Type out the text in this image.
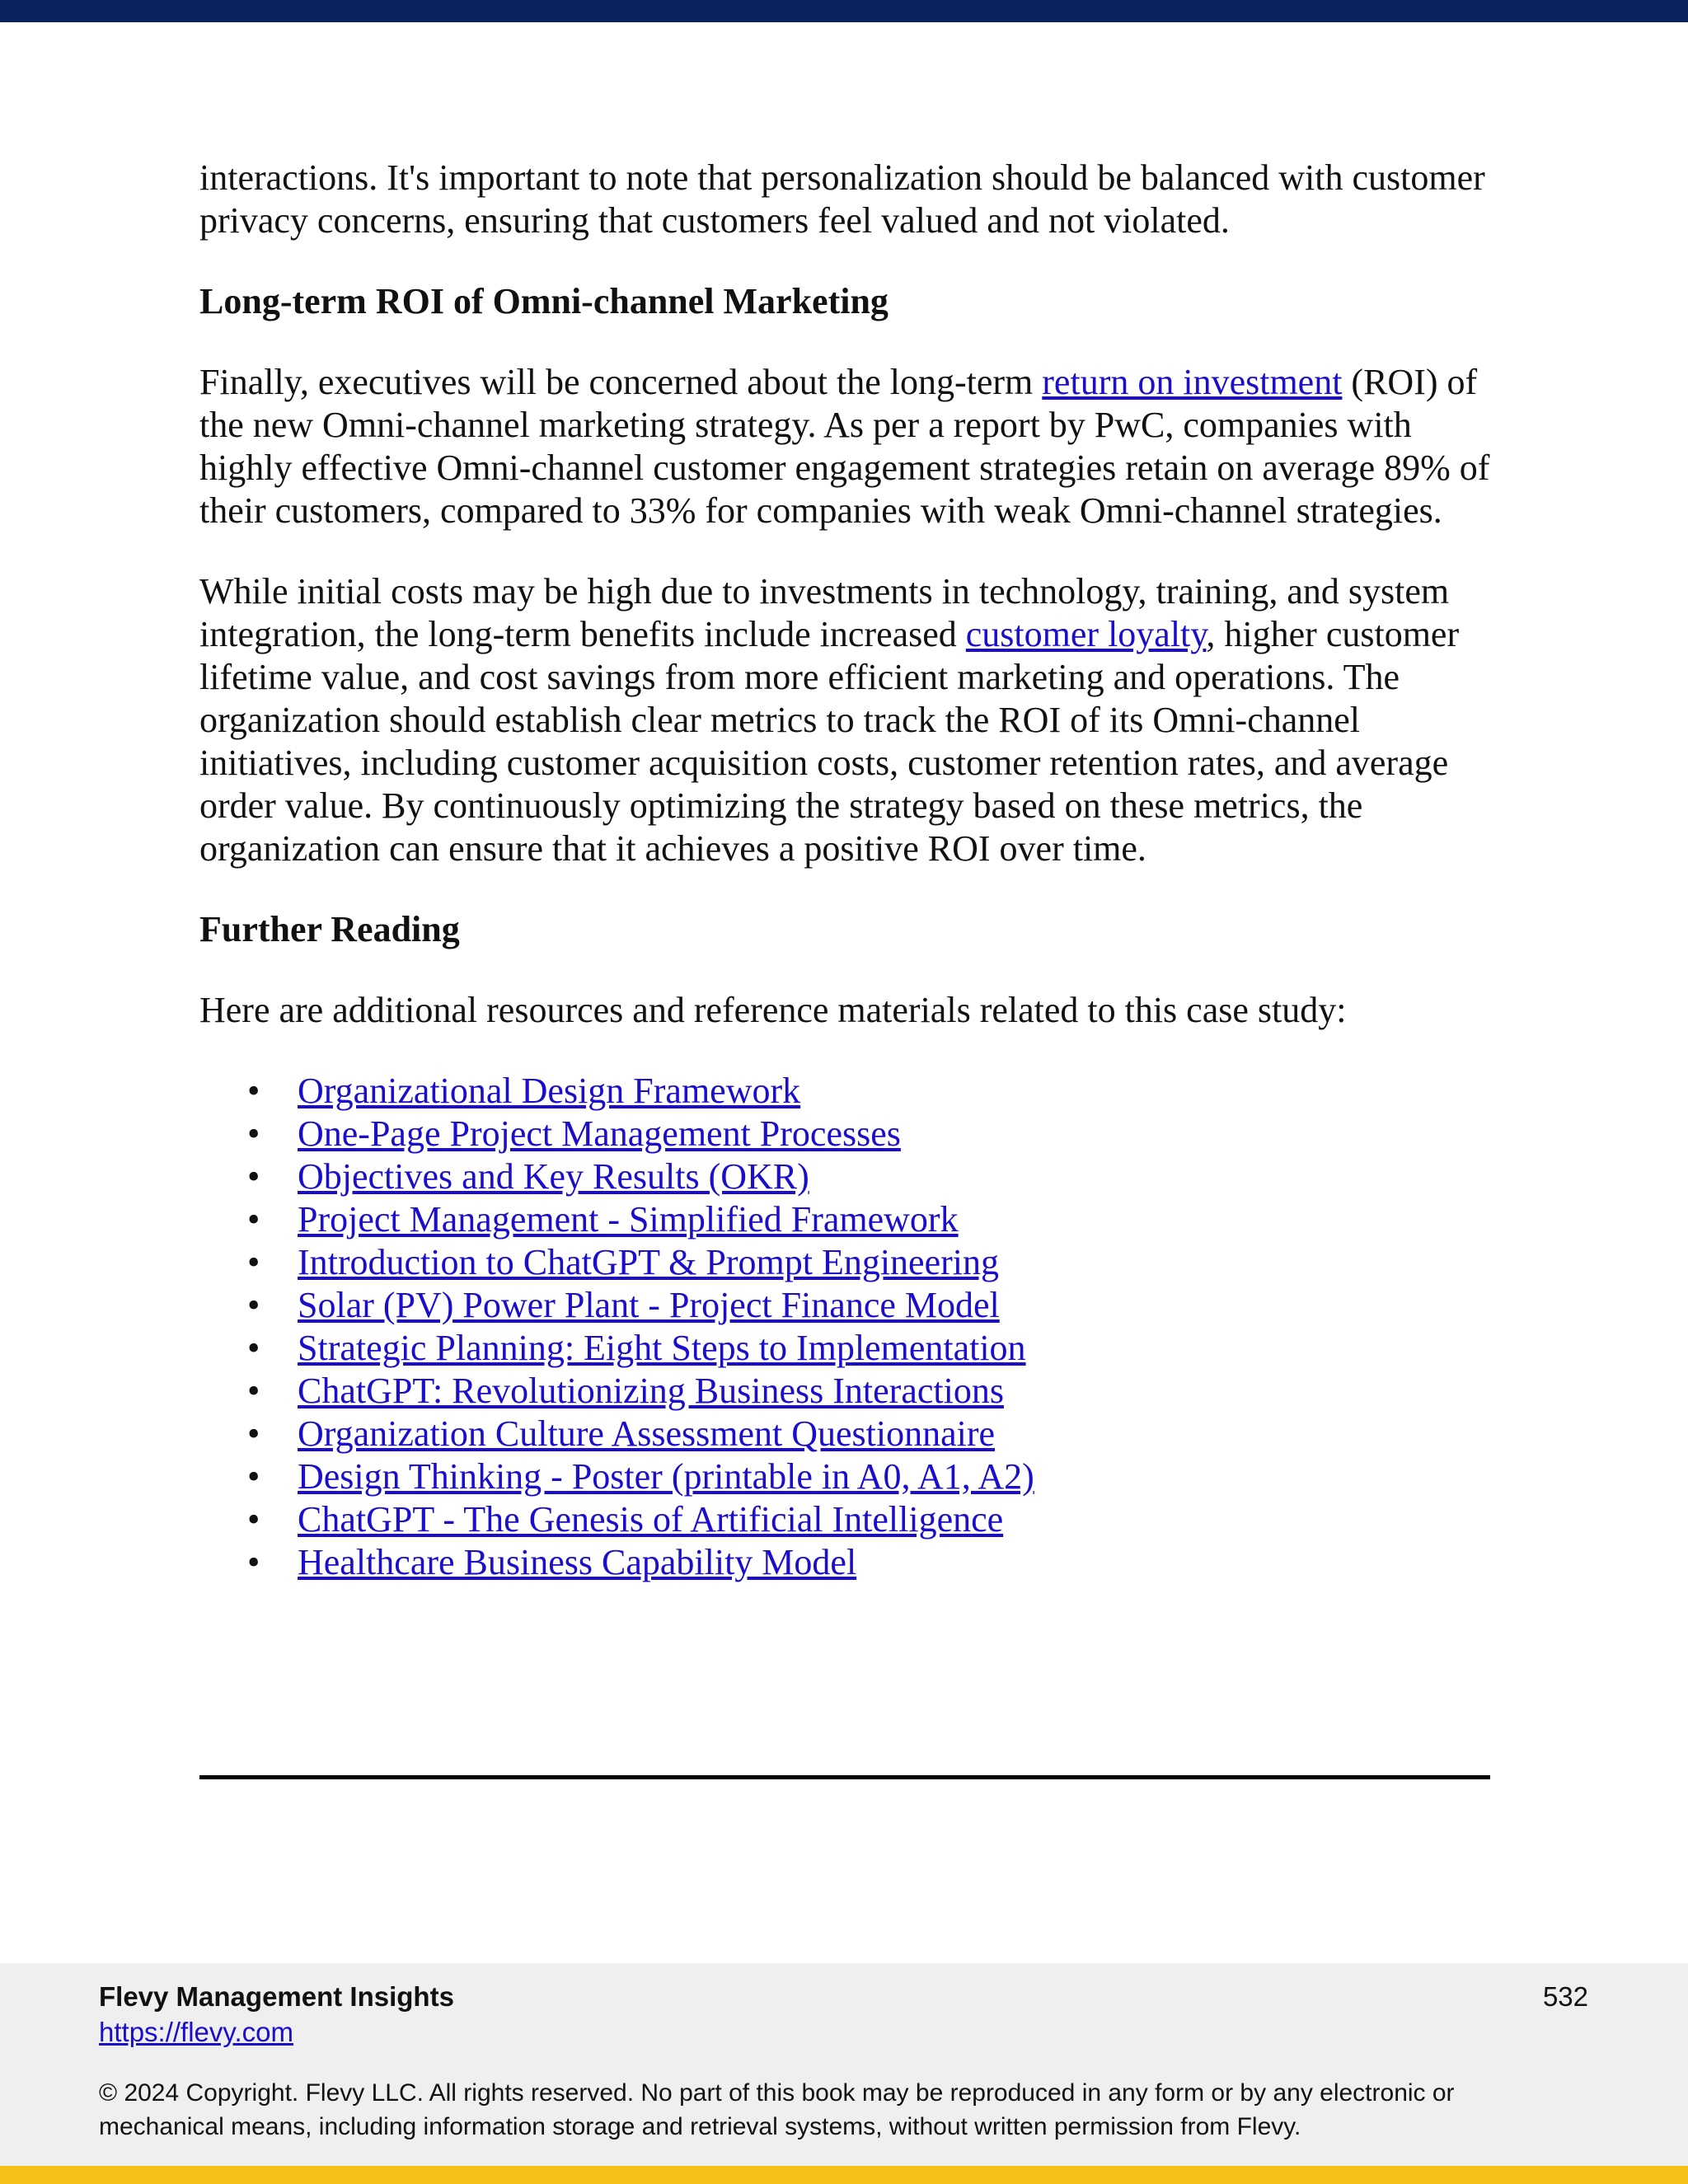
interactions. It's important to note that personalization should be balanced with customer privacy concerns, ensuring that customers feel valued and not violated.

Long-term ROI of Omni-channel Marketing

Finally, executives will be concerned about the long-term return on investment (ROI) of the new Omni-channel marketing strategy. As per a report by PwC, companies with highly effective Omni-channel customer engagement strategies retain on average 89% of their customers, compared to 33% for companies with weak Omni-channel strategies.

While initial costs may be high due to investments in technology, training, and system integration, the long-term benefits include increased customer loyalty, higher customer lifetime value, and cost savings from more efficient marketing and operations. The organization should establish clear metrics to track the ROI of its Omni-channel initiatives, including customer acquisition costs, customer retention rates, and average order value. By continuously optimizing the strategy based on these metrics, the organization can ensure that it achieves a positive ROI over time.

Further Reading

Here are additional resources and reference materials related to this case study:

• Organizational Design Framework
• One-Page Project Management Processes
• Objectives and Key Results (OKR)
• Project Management - Simplified Framework
• Introduction to ChatGPT & Prompt Engineering
• Solar (PV) Power Plant - Project Finance Model
• Strategic Planning: Eight Steps to Implementation
• ChatGPT: Revolutionizing Business Interactions
• Organization Culture Assessment Questionnaire
• Design Thinking - Poster (printable in A0, A1, A2)
• ChatGPT - The Genesis of Artificial Intelligence
• Healthcare Business Capability Model
Flevy Management Insights
https://flevy.com
532
© 2024 Copyright. Flevy LLC. All rights reserved. No part of this book may be reproduced in any form or by any electronic or mechanical means, including information storage and retrieval systems, without written permission from Flevy.
